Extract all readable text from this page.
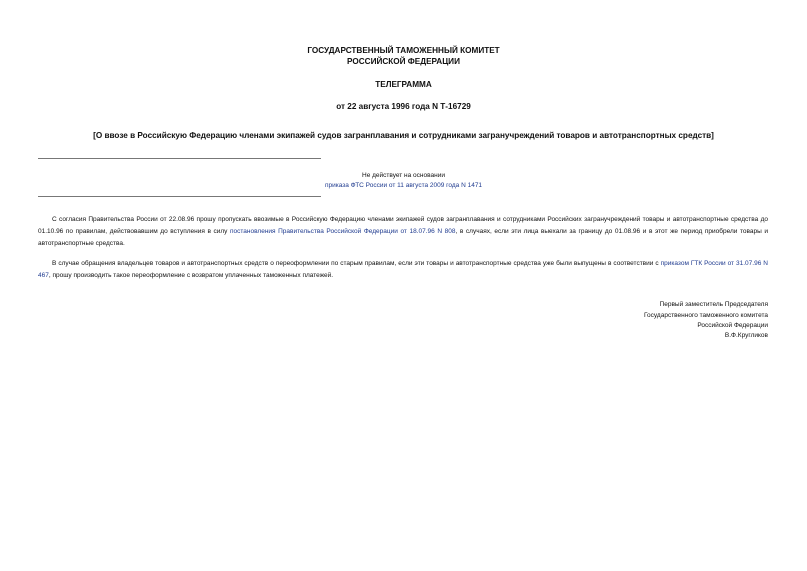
ГОСУДАРСТВЕННЫЙ ТАМОЖЕННЫЙ КОМИТЕТ
РОССИЙСКОЙ ФЕДЕРАЦИИ
ТЕЛЕГРАММА
от 22 августа 1996 года N Т-16729
[О ввозе в Российскую Федерацию членами экипажей судов загранплавания и сотрудниками загранучреждений товаров и автотранспортных средств]
Не действует на основании
приказа ФТС России от 11 августа 2009 года N 1471
С согласия Правительства России от 22.08.96 прошу пропускать ввозимые в Российскую Федерацию членами экипажей судов загранплавания и сотрудниками Российских загранучреждений товары и автотранспортные средства до 01.10.96 по правилам, действовавшим до вступления в силу постановления Правительства Российской Федерации от 18.07.96 N 808, в случаях, если эти лица выехали за границу до 01.08.96 и в этот же период приобрели товары и автотранспортные средства.
В случае обращения владельцев товаров и автотранспортных средств о переоформлении по старым правилам, если эти товары и автотранспортные средства уже были выпущены в соответствии с приказом ГТК России от 31.07.96 N 467, прошу производить такое переоформление с возвратом уплаченных таможенных платежей.
Первый заместитель Председателя
Государственного таможенного комитета
Российской Федерации
В.Ф.Кругликов
